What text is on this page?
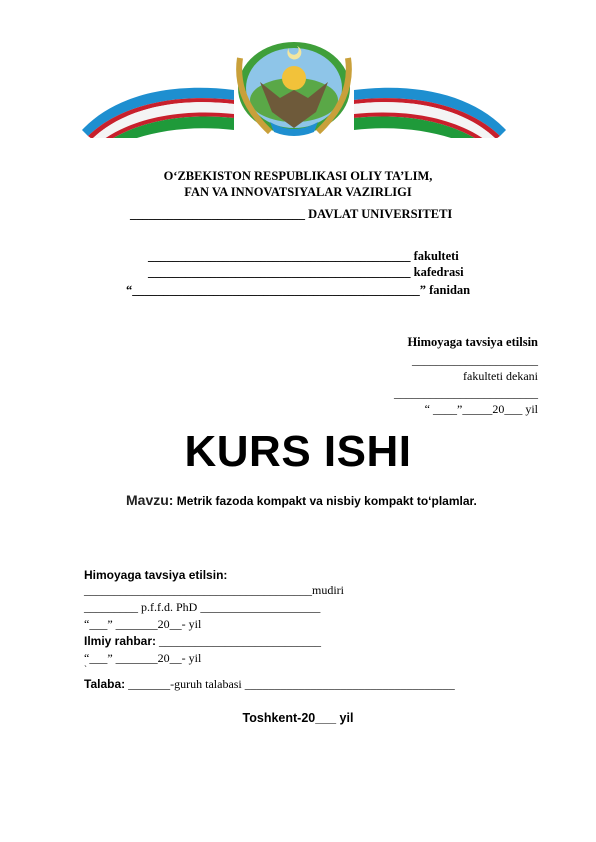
O‘ZBEKISTON RESPUBLIKASI OLIY TA’LIM, FAN VA INNOVATSIYALAR VAZIRLIGI
____________________________ DAVLAT UNIVERSITETI
__________________________________________ fakulteti
__________________________________________ kafedrasi
“______________________________________________” fanidan
Himoyaga tavsiya etilsin
_____________________
fakulteti dekani
________________________
“ ____”_____20___ yil
KURS ISHI
Mavzu: Metrik fazoda kompakt va nisbiy kompakt to‘plamlar.
Himoyaga tavsiya etilsin:
______________________________________mudiri
_________ p.f.f.d. PhD ____________________
“___” _______20__- yil
Ilmiy rahbar: ___________________________
“___” _______20__- yil
`
Talaba: _______-guruh talabasi ___________________________________
Toshkent-20___ yil
